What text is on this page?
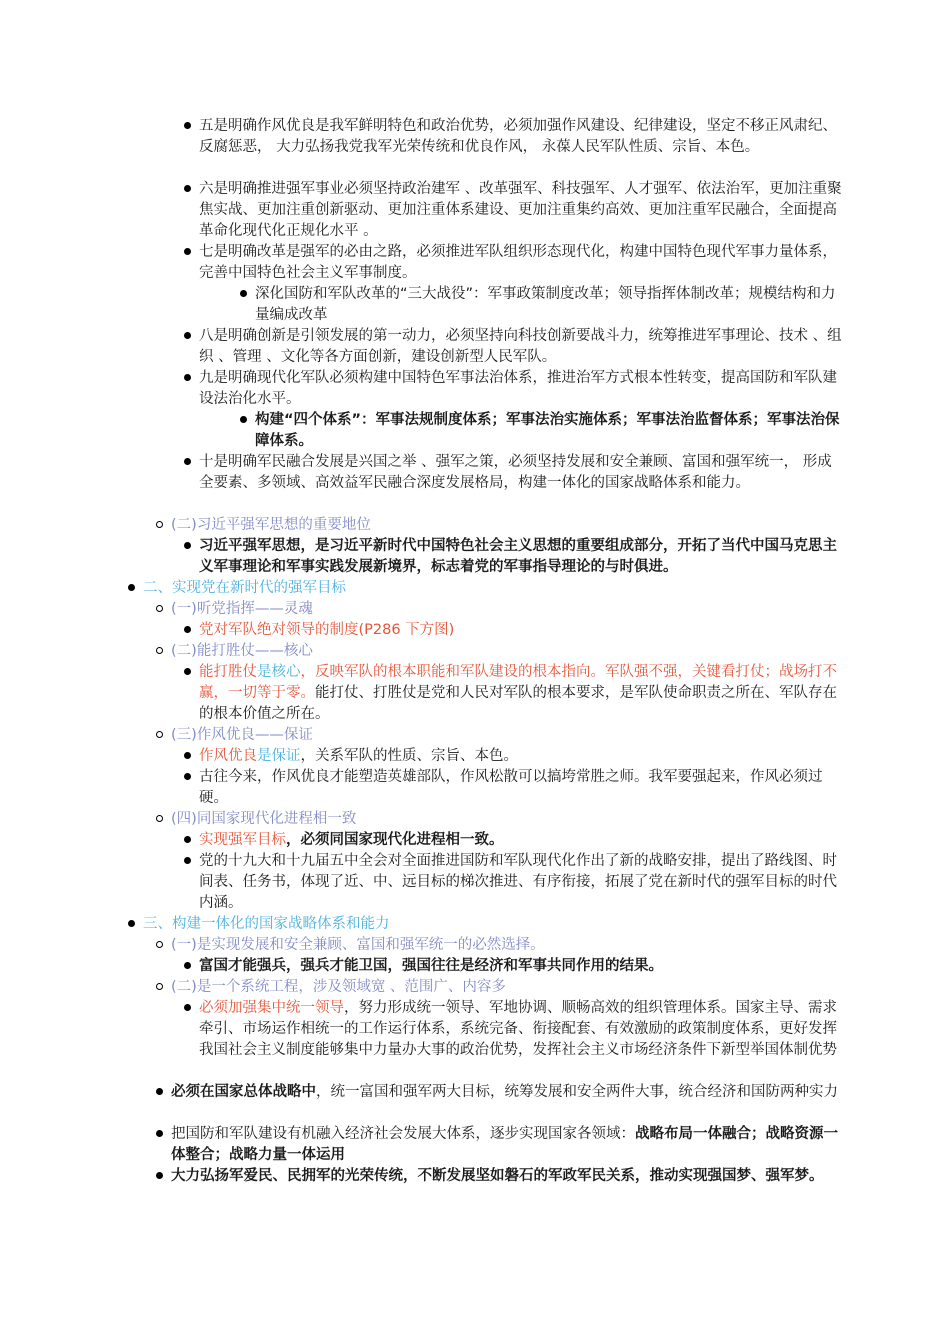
五是明确作风优良是我军鲜明特色和政治优势，必须加强作风建设、纪律建设，坚定不移正风肃纪、反腐惩恶， 大力弘扬我党我军光荣传统和优良作风， 永葆人民军队性质、宗旨、本色。
六是明确推进强军事业必须坚持政治建军 、改革强军、科技强军、人才强军、依法治军，更加注重聚焦实战、更加注重创新驱动、更加注重体系建设、更加注重集约高效、更加注重军民融合，全面提高革命化现代化正规化水平 。
七是明确改革是强军的必由之路，必须推进军队组织形态现代化，构建中国特色现代军事力量体系，完善中国特色社会主义军事制度。
深化国防和军队改革的“三大战役”：军事政策制度改革；领导指挥体制改革；规模结构和力量编成改革
八是明确创新是引领发展的第一动力，必须坚持向科技创新要战斗力，统筹推进军事理论、技术 、组织 、管理 、文化等各方面创新，建设创新型人民军队。
九是明确现代化军队必须构建中国特色军事法治体系，推进治军方式根本性转变，提高国防和军队建设法治化水平。
构建“四个体系”：军事法规制度体系；军事法治实施体系；军事法治监督体系；军事法治保障体系。
十是明确军民融合发展是兴国之举 、强军之策，必须坚持发展和安全兼顾、富国和强军统一， 形成全要素、多领域、高效益军民融合深度发展格局，构建一体化的国家战略体系和能力。
(二)习近平强军思想的重要地位
习近平强军思想，是习近平新时代中国特色社会主义思想的重要组成部分，开拓了当代中国马克思主义军事理论和军事实践发展新境界，标志着党的军事指导理论的与时俱进。
二、实现党在新时代的强军目标
(一)听党指挥——灵魂
党对军队绝对领导的制度(P286 下方图)
(二)能打胜仗——核心
能打胜仗是核心，反映军队的根本职能和军队建设的根本指向。军队强不强，关键看打仗；战场打不赢，一切等于零。能打仗、打胜仗是党和人民对军队的根本要求，是军队使命职责之所在、军队存在的根本价值之所在。
(三)作风优良——保证
作风优良是保证，关系军队的性质、宗旨、本色。
古往今来，作风优良才能塑造英雄部队，作风松散可以搞垮常胜之师。我军要强起来，作风必须过硬。
(四)同国家现代化进程相一致
实现强军目标，必须同国家现代化进程相一致。
党的十九大和十九届五中全会对全面推进国防和军队现代化作出了新的战略安排，提出了路线图、时间表、任务书，体现了近、中、远目标的梯次推进、有序衔接，拓展了党在新时代的强军目标的时代内涵。
三、构建一体化的国家战略体系和能力
(一)是实现发展和安全兼顾、富国和强军统一的必然选择。
富国才能强兵，强兵才能卫国，强国往往是经济和军事共同作用的结果。
(二)是一个系统工程，涉及领域宽 、范围广、内容多
必须加强集中统一领导，努力形成统一领导、军地协调、顺畅高效的组织管理体系。国家主导、需求牵引、市场运作相统一的工作运行体系，系统完备、衔接配套、有效激励的政策制度体系，更好发挥我国社会主义制度能够集中力量办大事的政治优势，发挥社会主义市场经济条件下新型举国体制优势
必须在国家总体战略中，统一富国和强军两大目标，统筹发展和安全两件大事，统合经济和国防两种实力
把国防和军队建设有机融入经济社会发展大体系，逐步实现国家各领域：战略布局一体融合；战略资源一体整合；战略力量一体运用
大力弘扬军爱民、民拥军的光荣传统，不断发展坚如磐石的军政军民关系，推动实现强国梦、强军梦。
